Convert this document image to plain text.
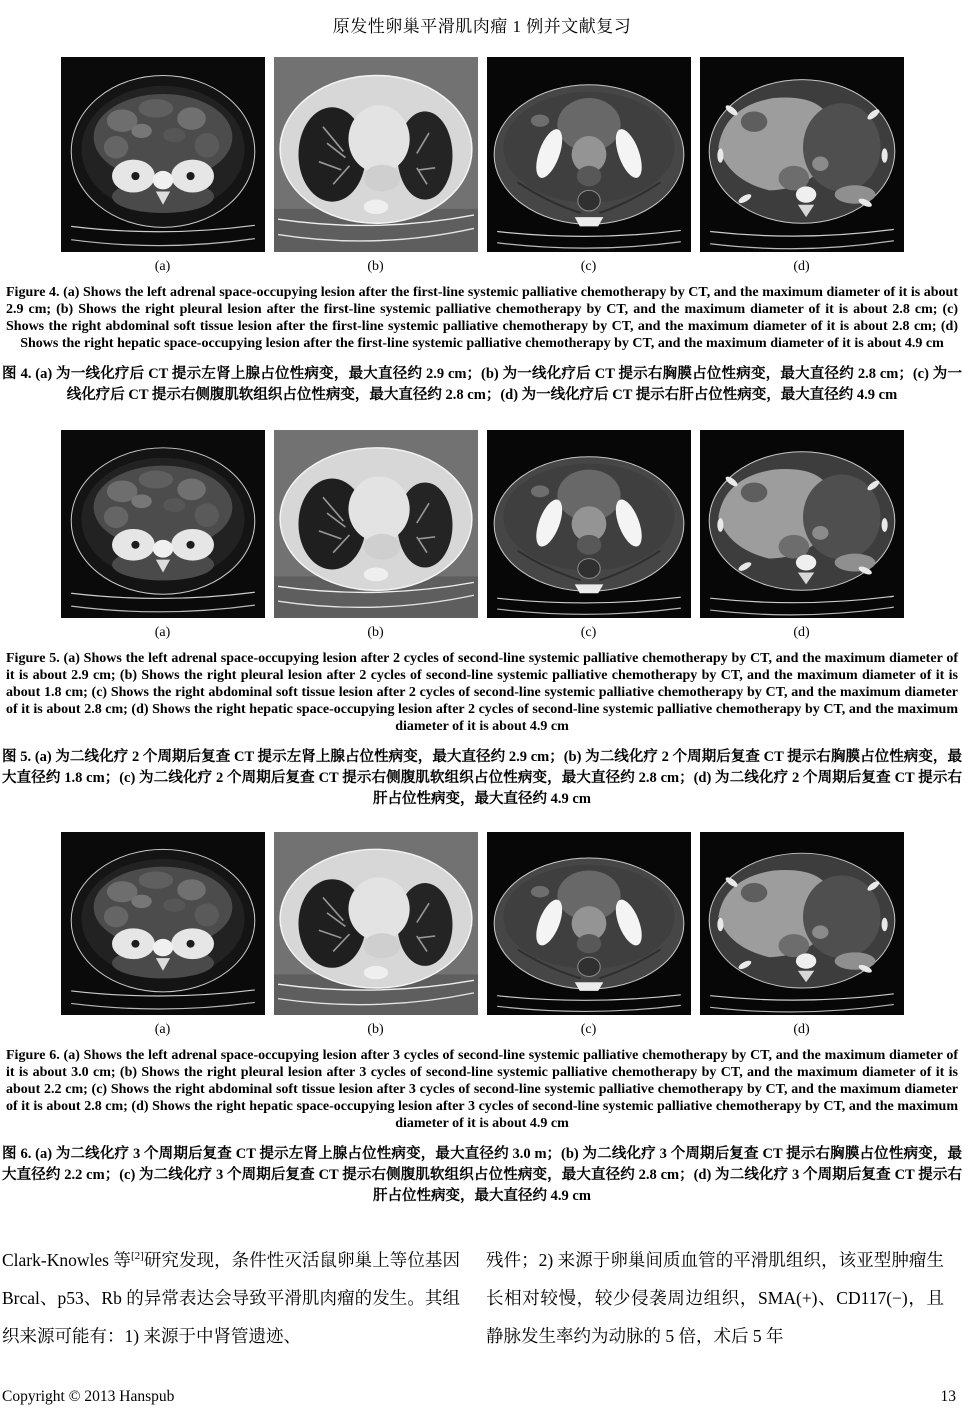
原发性卵巢平滑肌肉瘤 1 例并文献复习
(a)	(b)	(c)	(d)

Figure 4. (a) Shows the left adrenal space-occupying lesion after the first-line systemic palliative chemotherapy by CT, and the maximum diameter of it is about 2.9 cm; (b) Shows the right pleural lesion after the first-line systemic palliative chemotherapy by CT, and the maximum diameter of it is about 2.8 cm; (c) Shows the right abdominal soft tissue lesion after the first-line systemic palliative chemotherapy by CT, and the maximum diameter of it is about 2.8 cm; (d) Shows the right hepatic space-occupying lesion after the first-line systemic palliative chemotherapy by CT, and the maximum diameter of it is about 4.9 cm

图 4. (a) 为一线化疗后 CT 提示左肾上腺占位性病变，最大直径约 2.9 cm；(b) 为一线化疗后 CT 提示右胸膜占位性病变，最大直径约 2.8 cm；(c) 为一线化疗后 CT 提示右侧腹肌软组织占位性病变，最大直径约 2.8 cm；(d) 为一线化疗后 CT 提示右肝占位性病变，最大直径约 4.9 cm

(a)	(b)	(c)	(d)

Figure 5. (a) Shows the left adrenal space-occupying lesion after 2 cycles of second-line systemic palliative chemotherapy by CT, and the maximum diameter of it is about 2.9 cm; (b) Shows the right pleural lesion after 2 cycles of second-line systemic palliative chemotherapy by CT, and the maximum diameter of it is about 1.8 cm; (c) Shows the right abdominal soft tissue lesion after 2 cycles of second-line systemic palliative chemotherapy by CT, and the maximum diameter of it is about 2.8 cm; (d) Shows the right hepatic space-occupying lesion after 2 cycles of second-line systemic palliative chemotherapy by CT, and the maximum diameter of it is about 4.9 cm

图 5. (a) 为二线化疗 2 个周期后复查 CT 提示左肾上腺占位性病变，最大直径约 2.9 cm；(b) 为二线化疗 2 个周期后复查 CT 提示右胸膜占位性病变，最大直径约 1.8 cm；(c) 为二线化疗 2 个周期后复查 CT 提示右侧腹肌软组织占位性病变，最大直径约 2.8 cm；(d) 为二线化疗 2 个周期后复查 CT 提示右肝占位性病变，最大直径约 4.9 cm

(a)	(b)	(c)	(d)

Figure 6. (a) Shows the left adrenal space-occupying lesion after 3 cycles of second-line systemic palliative chemotherapy by CT, and the maximum diameter of it is about 3.0 cm; (b) Shows the right pleural lesion after 3 cycles of second-line systemic palliative chemotherapy by CT, and the maximum diameter of it is about 2.2 cm; (c) Shows the right abdominal soft tissue lesion after 3 cycles of second-line systemic palliative chemotherapy by CT, and the maximum diameter of it is about 2.8 cm; (d) Shows the right hepatic space-occupying lesion after 3 cycles of second-line systemic palliative chemotherapy by CT, and the maximum diameter of it is about 4.9 cm

图 6. (a) 为二线化疗 3 个周期后复查 CT 提示左肾上腺占位性病变，最大直径约 3.0 m；(b) 为二线化疗 3 个周期后复查 CT 提示右胸膜占位性病变，最大直径约 2.2 cm；(c) 为二线化疗 3 个周期后复查 CT 提示右侧腹肌软组织占位性病变，最大直径约 2.8 cm；(d) 为二线化疗 3 个周期后复查 CT 提示右肝占位性病变，最大直径约 4.9 cm

Clark-Knowles 等[2]研究发现，条件性灭活鼠卵巢上等位基因 Brcal、p53、Rb 的异常表达会导致平滑肌肉瘤的发生。其组织来源可能有：1) 来源于中肾管遗迹、

残件；2) 来源于卵巢间质血管的平滑肌组织，该亚型肿瘤生长相对较慢，较少侵袭周边组织，SMA(+)、CD117(−)，且静脉发生率约为动脉的 5 倍，术后 5 年

Copyright © 2013 Hanspub	13
